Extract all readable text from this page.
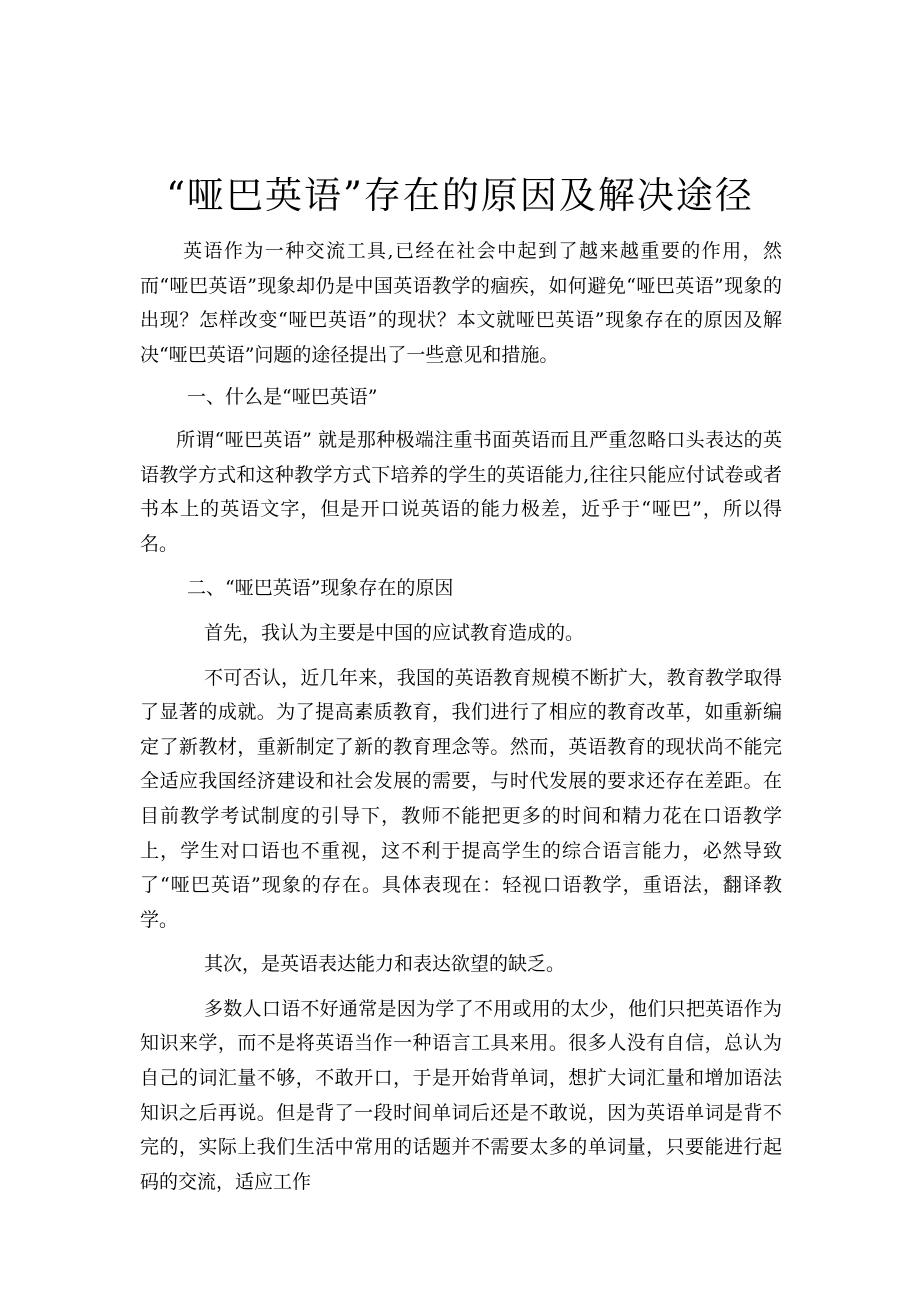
“哑巴英语”存在的原因及解决途径

英语作为一种交流工具,已经在社会中起到了越来越重要的作用，然而“哑巴英语”现象却仍是中国英语教学的痼疾，如何避免“哑巴英语”现象的出现？怎样改变“哑巴英语”的现状？本文就哑巴英语”现象存在的原因及解决“哑巴英语”问题的途径提出了一些意见和措施。

一、什么是“哑巴英语”

所谓“哑巴英语” 就是那种极端注重书面英语而且严重忽略口头表达的英语教学方式和这种教学方式下培养的学生的英语能力,往往只能应付试卷或者书本上的英语文字，但是开口说英语的能力极差，近乎于“哑巴”，所以得名。

二、“哑巴英语”现象存在的原因

首先，我认为主要是中国的应试教育造成的。

不可否认，近几年来，我国的英语教育规模不断扩大，教育教学取得了显著的成就。为了提高素质教育，我们进行了相应的教育改革，如重新编定了新教材，重新制定了新的教育理念等。然而，英语教育的现状尚不能完全适应我国经济建设和社会发展的需要，与时代发展的要求还存在差距。在目前教学考试制度的引导下，教师不能把更多的时间和精力花在口语教学上，学生对口语也不重视，这不利于提高学生的综合语言能力，必然导致了“哑巴英语”现象的存在。具体表现在：轻视口语教学，重语法，翻译教学。

其次，是英语表达能力和表达欲望的缺乏。

多数人口语不好通常是因为学了不用或用的太少，他们只把英语作为知识来学，而不是将英语当作一种语言工具来用。很多人没有自信，总认为自己的词汇量不够，不敢开口，于是开始背单词，想扩大词汇量和增加语法知识之后再说。但是背了一段时间单词后还是不敢说，因为英语单词是背不完的，实际上我们生活中常用的话题并不需要太多的单词量，只要能进行起码的交流，适应工作
